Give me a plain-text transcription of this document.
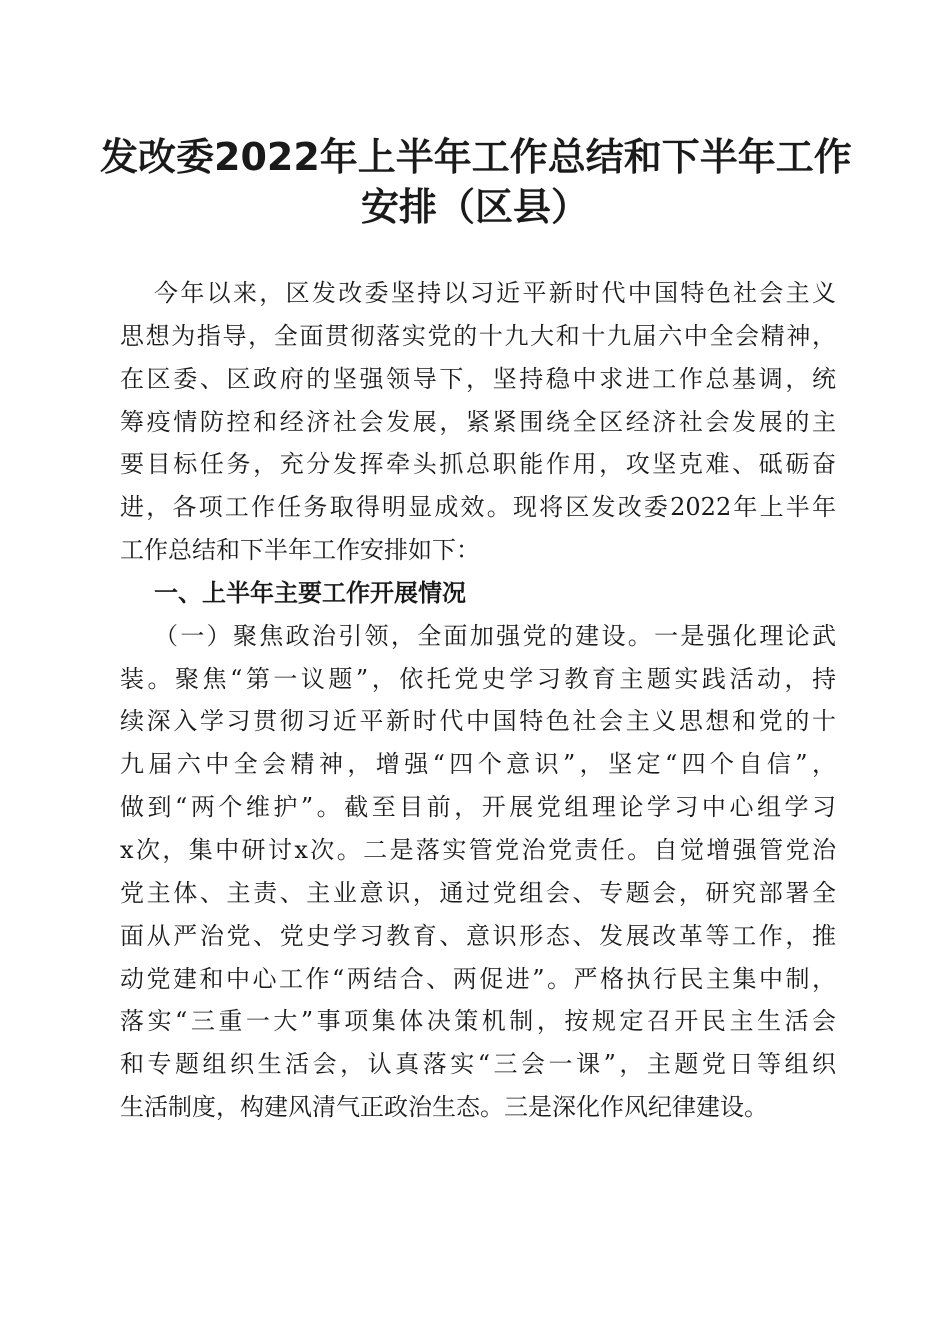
发改委2022年上半年工作总结和下半年工作
安排（区县）
今年以来，区发改委坚持以习近平新时代中国特色社会主义
思想为指导，全面贯彻落实党的十九大和十九届六中全会精神，
在区委、区政府的坚强领导下，坚持稳中求进工作总基调，统
筹疫情防控和经济社会发展，紧紧围绕全区经济社会发展的主
要目标任务，充分发挥牵头抓总职能作用，攻坚克难、砥砺奋
进，各项工作任务取得明显成效。现将区发改委2022年上半年
工作总结和下半年工作安排如下：
一、上半年主要工作开展情况
（一）聚焦政治引领，全面加强党的建设。一是强化理论武
装。聚焦“第一议题”，依托党史学习教育主题实践活动，持
续深入学习贯彻习近平新时代中国特色社会主义思想和党的十
九届六中全会精神，增强“四个意识”，坚定“四个自信”，
做到“两个维护”。截至目前，开展党组理论学习中心组学习
x次，集中研讨x次。二是落实管党治党责任。自觉增强管党治
党主体、主责、主业意识，通过党组会、专题会，研究部署全
面从严治党、党史学习教育、意识形态、发展改革等工作，推
动党建和中心工作“两结合、两促进”。严格执行民主集中制，
落实“三重一大”事项集体决策机制，按规定召开民主生活会
和专题组织生活会，认真落实“三会一课”，主题党日等组织
生活制度，构建风清气正政治生态。三是深化作风纪律建设。
